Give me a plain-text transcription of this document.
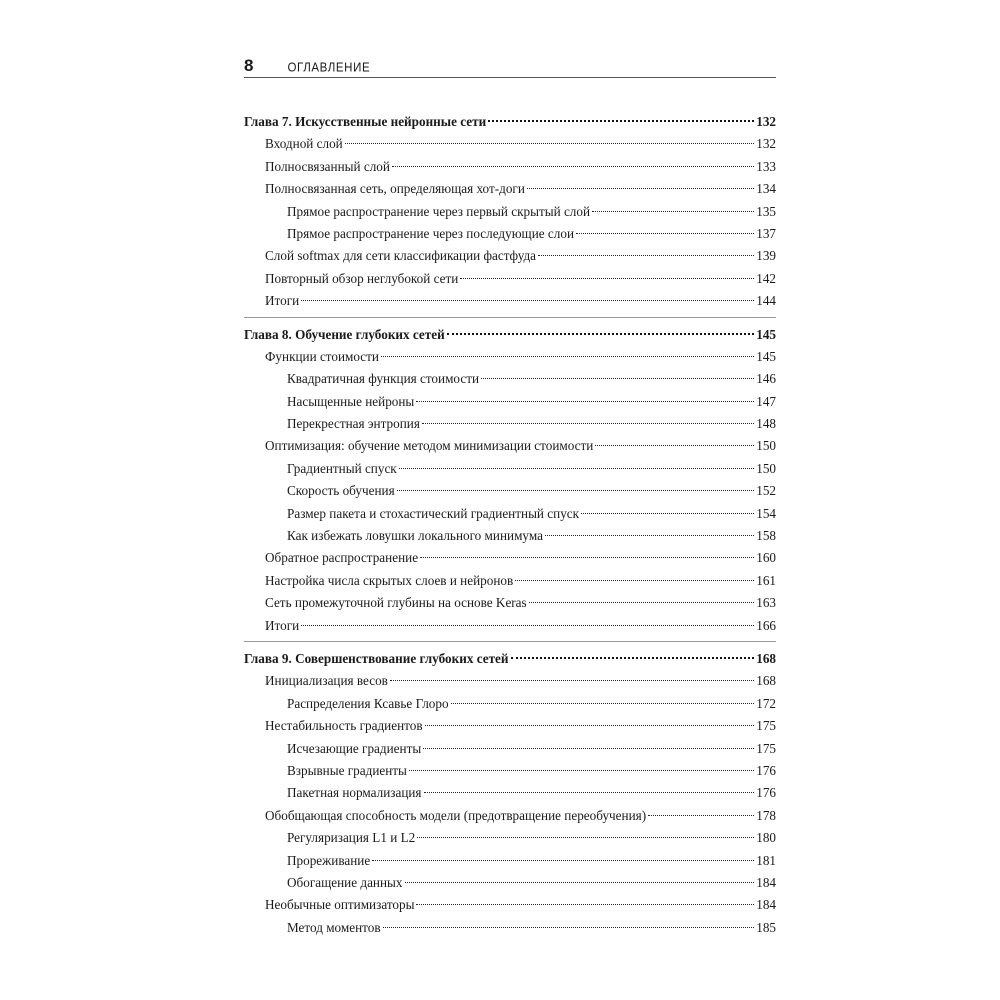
8	ОГЛАВЛЕНИЕ
Глава 7. Искусственные нейронные сети	132
Входной слой	132
Полносвязанный слой	133
Полносвязанная сеть, определяющая хот-доги	134
Прямое распространение через первый скрытый слой	135
Прямое распространение через последующие слои	137
Слой softmax для сети классификации фастфуда	139
Повторный обзор неглубокой сети	142
Итоги	144
Глава 8. Обучение глубоких сетей	145
Функции стоимости	145
Квадратичная функция стоимости	146
Насыщенные нейроны	147
Перекрестная энтропия	148
Оптимизация: обучение методом минимизации стоимости	150
Градиентный спуск	150
Скорость обучения	152
Размер пакета и стохастический градиентный спуск	154
Как избежать ловушки локального минимума	158
Обратное распространение	160
Настройка числа скрытых слоев и нейронов	161
Сеть промежуточной глубины на основе Keras	163
Итоги	166
Глава 9. Совершенствование глубоких сетей	168
Инициализация весов	168
Распределения Ксавье Глоро	172
Нестабильность градиентов	175
Исчезающие градиенты	175
Взрывные градиенты	176
Пакетная нормализация	176
Обобщающая способность модели (предотвращение переобучения)	178
Регуляризация L1 и L2	180
Прореживание	181
Обогащение данных	184
Необычные оптимизаторы	184
Метод моментов	185
